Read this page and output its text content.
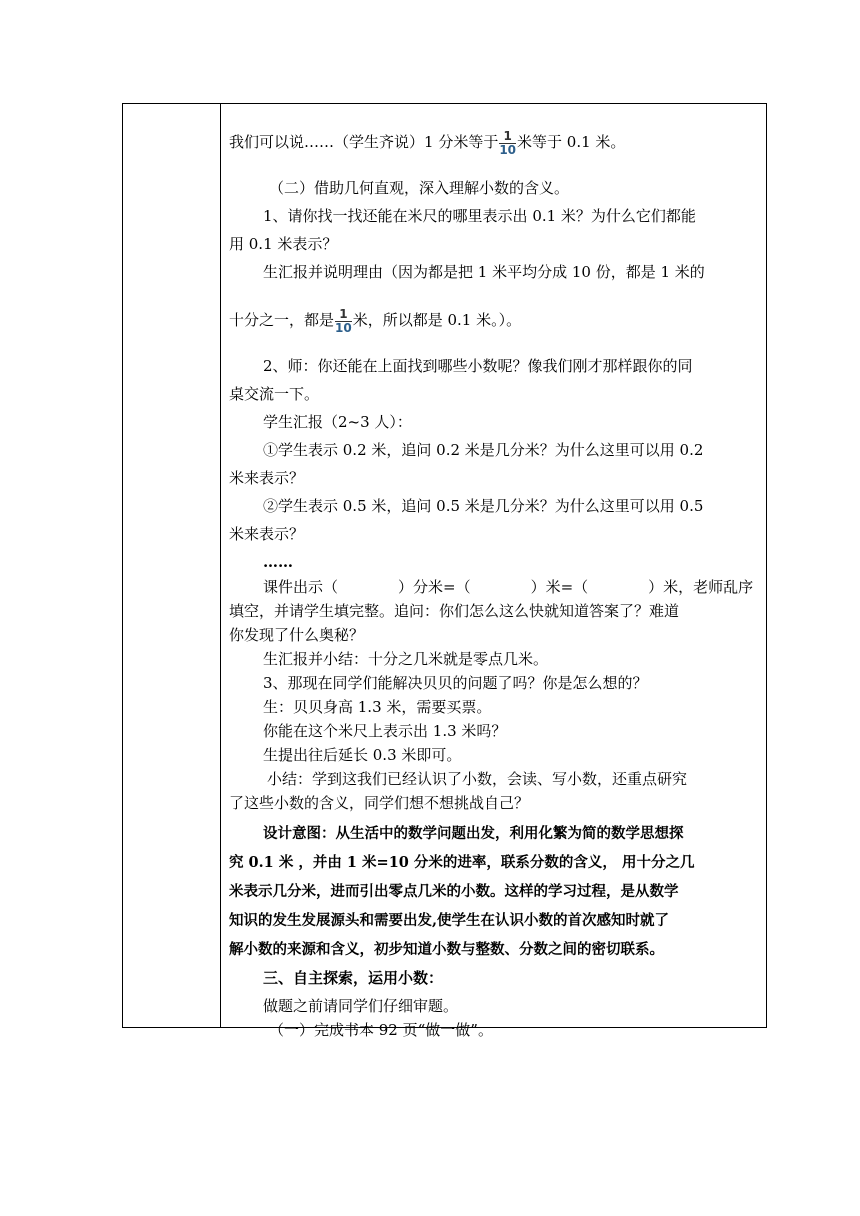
我们可以说……（学生齐说）1 分米等于 $\frac{1}{10}$ 米等于 0.1 米。
（二）借助几何直观，深入理解小数的含义。
1、请你找一找还能在米尺的哪里表示出 0.1 米？为什么它们都能
用 0.1 米表示？
生汇报并说明理由（因为都是把 1 米平均分成 10 份，都是 1 米的
十分之一，都是 $\frac{1}{10}$ 米，所以都是 0.1 米。）。
2、师：你还能在上面找到哪些小数呢？像我们刚才那样跟你的同
桌交流一下。
学生汇报（2~3 人）：
①学生表示 0.2 米，追问 0.2 米是几分米？为什么这里可以用 0.2
米来表示？
②学生表示 0.5 米，追问 0.5 米是几分米？为什么这里可以用 0.5
米来表示？
……
课件出示（	）分米=（	）米=（	）米，老师乱序
填空，并请学生填完整。追问：你们怎么这么快就知道答案了？难道
你发现了什么奥秘？
生汇报并小结：十分之几米就是零点几米。
3、那现在同学们能解决贝贝的问题了吗？你是怎么想的？
生：贝贝身高 1.3 米，需要买票。
你能在这个米尺上表示出 1.3 米吗？
生提出往后延长 0.3 米即可。
小结：学到这我们已经认识了小数，会读、写小数，还重点研究
了这些小数的含义，同学们想不想挑战自己？
设计意图：从生活中的数学问题出发，利用化繁为简的数学思想探
究 0.1 米 ，并由 1 米=10 分米的进率，联系分数的含义， 用十分之几
米表示几分米，进而引出零点几米的小数。这样的学习过程，是从数学
知识的发生发展源头和需要出发,使学生在认识小数的首次感知时就了
解小数的来源和含义，初步知道小数与整数、分数之间的密切联系。
三、自主探索，运用小数：
做题之前请同学们仔细审题。
（一）完成书本 92 页“做一做”。
